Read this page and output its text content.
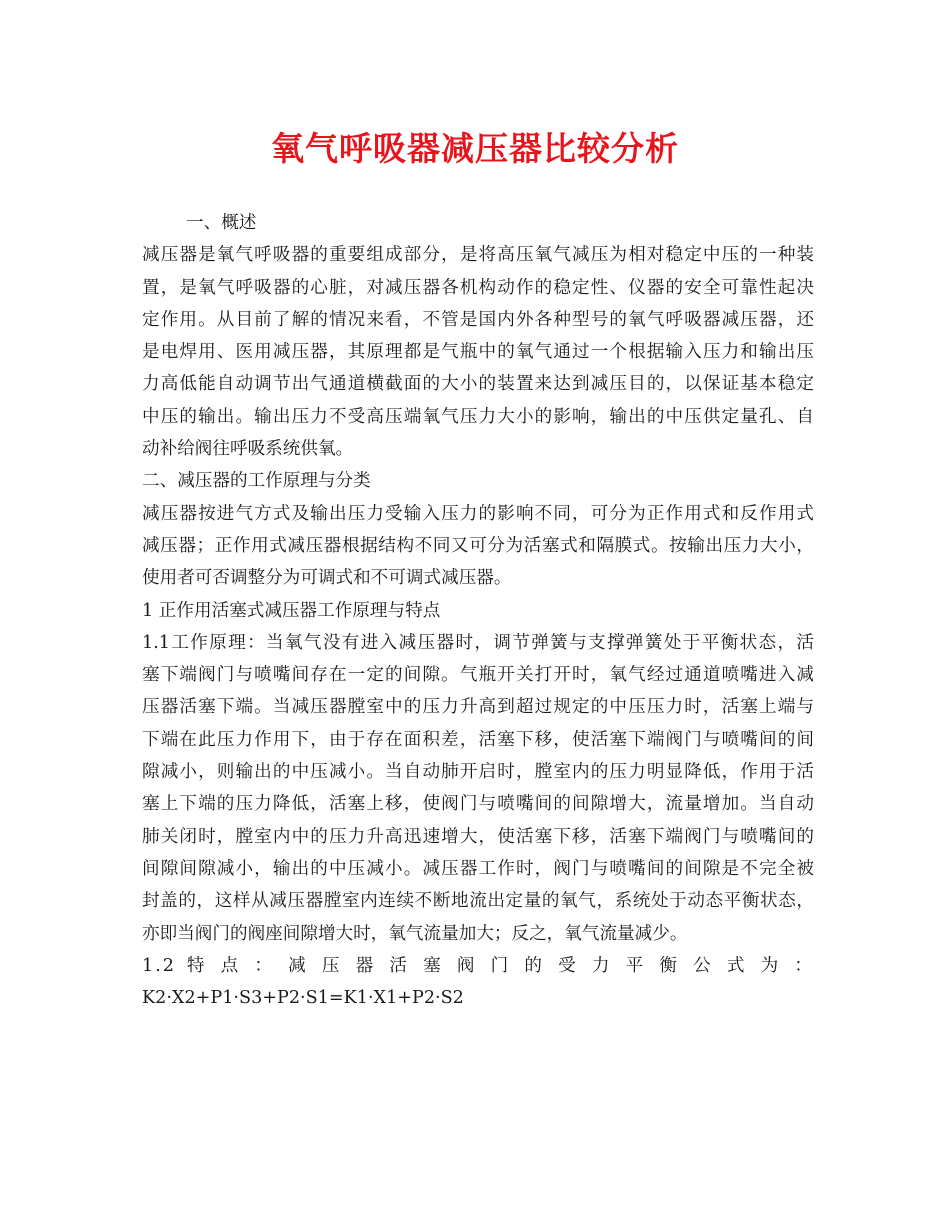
氧气呼吸器减压器比较分析
一、概述
减压器是氧气呼吸器的重要组成部分，是将高压氧气减压为相对稳定中压的一种装
置，是氧气呼吸器的心脏，对减压器各机构动作的稳定性、仪器的安全可靠性起决
定作用。从目前了解的情况来看，不管是国内外各种型号的氧气呼吸器减压器，还
是电焊用、医用减压器，其原理都是气瓶中的氧气通过一个根据输入压力和输出压
力高低能自动调节出气通道横截面的大小的装置来达到减压目的，以保证基本稳定
中压的输出。输出压力不受高压端氧气压力大小的影响，输出的中压供定量孔、自
动补给阀往呼吸系统供氧。
二、减压器的工作原理与分类
减压器按进气方式及输出压力受输入压力的影响不同，可分为正作用式和反作用式
减压器；正作用式减压器根据结构不同又可分为活塞式和隔膜式。按输出压力大小，
使用者可否调整分为可调式和不可调式减压器。
1 正作用活塞式减压器工作原理与特点
1.1工作原理：当氧气没有进入减压器时，调节弹簧与支撑弹簧处于平衡状态，活
塞下端阀门与喷嘴间存在一定的间隙。气瓶开关打开时，氧气经过通道喷嘴进入减
压器活塞下端。当减压器膛室中的压力升高到超过规定的中压压力时，活塞上端与
下端在此压力作用下，由于存在面积差，活塞下移，使活塞下端阀门与喷嘴间的间
隙减小，则输出的中压减小。当自动肺开启时，膛室内的压力明显降低，作用于活
塞上下端的压力降低，活塞上移，使阀门与喷嘴间的间隙增大，流量增加。当自动
肺关闭时，膛室内中的压力升高迅速增大，使活塞下移，活塞下端阀门与喷嘴间的
间隙间隙减小，输出的中压减小。减压器工作时，阀门与喷嘴间的间隙是不完全被
封盖的，这样从减压器膛室内连续不断地流出定量的氧气，系统处于动态平衡状态，
亦即当阀门的阀座间隙增大时，氧气流量加大；反之，氧气流量减少。
1.2 特 点 ： 减 压 器 活 塞 阀 门 的 受 力 平 衡 公 式 为 ：
K2·X2+P1·S3+P2·S1=K1·X1+P2·S2
